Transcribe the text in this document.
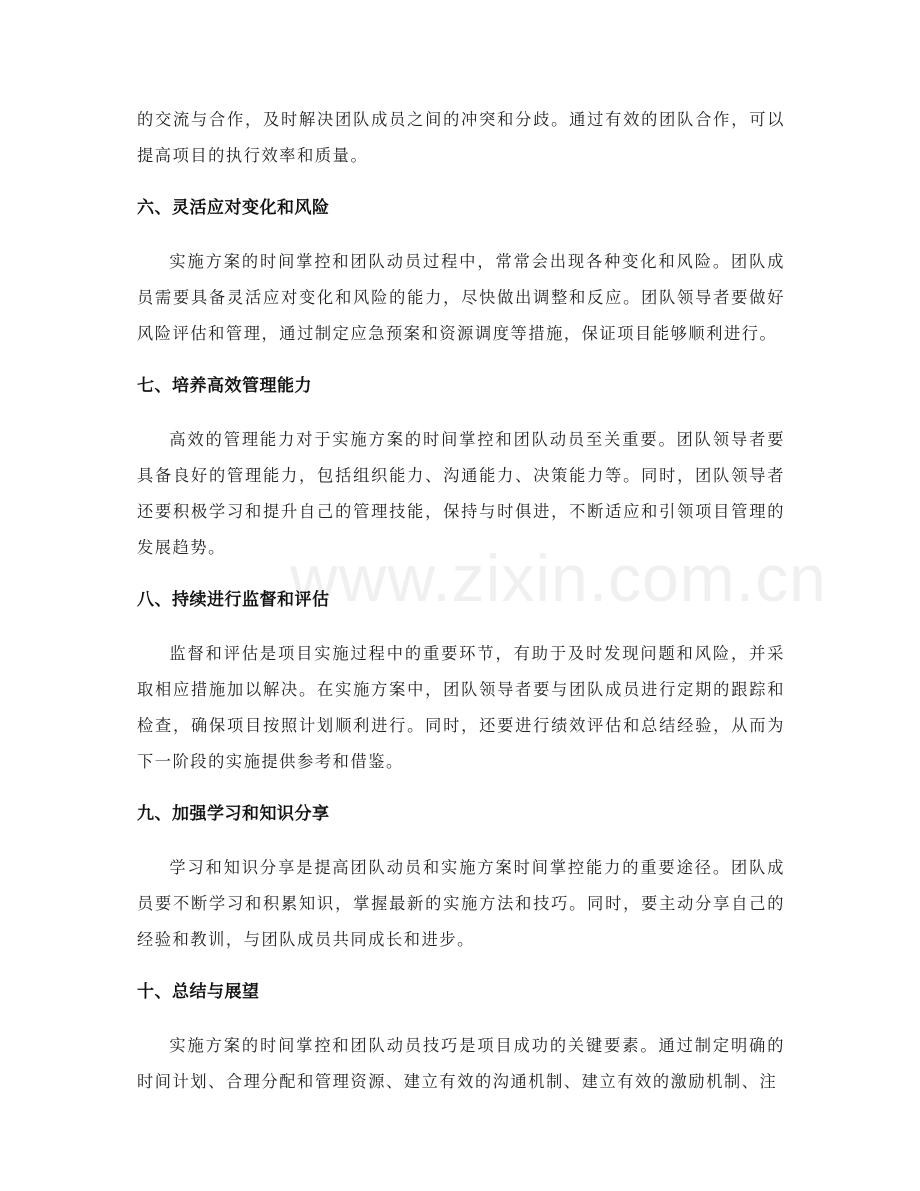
www.zixin.com.cn

的交流与合作，及时解决团队成员之间的冲突和分歧。通过有效的团队合作，可以提高项目的执行效率和质量。

六、灵活应对变化和风险

实施方案的时间掌控和团队动员过程中，常常会出现各种变化和风险。团队成员需要具备灵活应对变化和风险的能力，尽快做出调整和反应。团队领导者要做好风险评估和管理，通过制定应急预案和资源调度等措施，保证项目能够顺利进行。

七、培养高效管理能力

高效的管理能力对于实施方案的时间掌控和团队动员至关重要。团队领导者要具备良好的管理能力，包括组织能力、沟通能力、决策能力等。同时，团队领导者还要积极学习和提升自己的管理技能，保持与时俱进，不断适应和引领项目管理的发展趋势。

八、持续进行监督和评估

监督和评估是项目实施过程中的重要环节，有助于及时发现问题和风险，并采取相应措施加以解决。在实施方案中，团队领导者要与团队成员进行定期的跟踪和检查，确保项目按照计划顺利进行。同时，还要进行绩效评估和总结经验，从而为下一阶段的实施提供参考和借鉴。

九、加强学习和知识分享

学习和知识分享是提高团队动员和实施方案时间掌控能力的重要途径。团队成员要不断学习和积累知识，掌握最新的实施方法和技巧。同时，要主动分享自己的经验和教训，与团队成员共同成长和进步。

十、总结与展望

实施方案的时间掌控和团队动员技巧是项目成功的关键要素。通过制定明确的时间计划、合理分配和管理资源、建立有效的沟通机制、建立有效的激励机制、注
